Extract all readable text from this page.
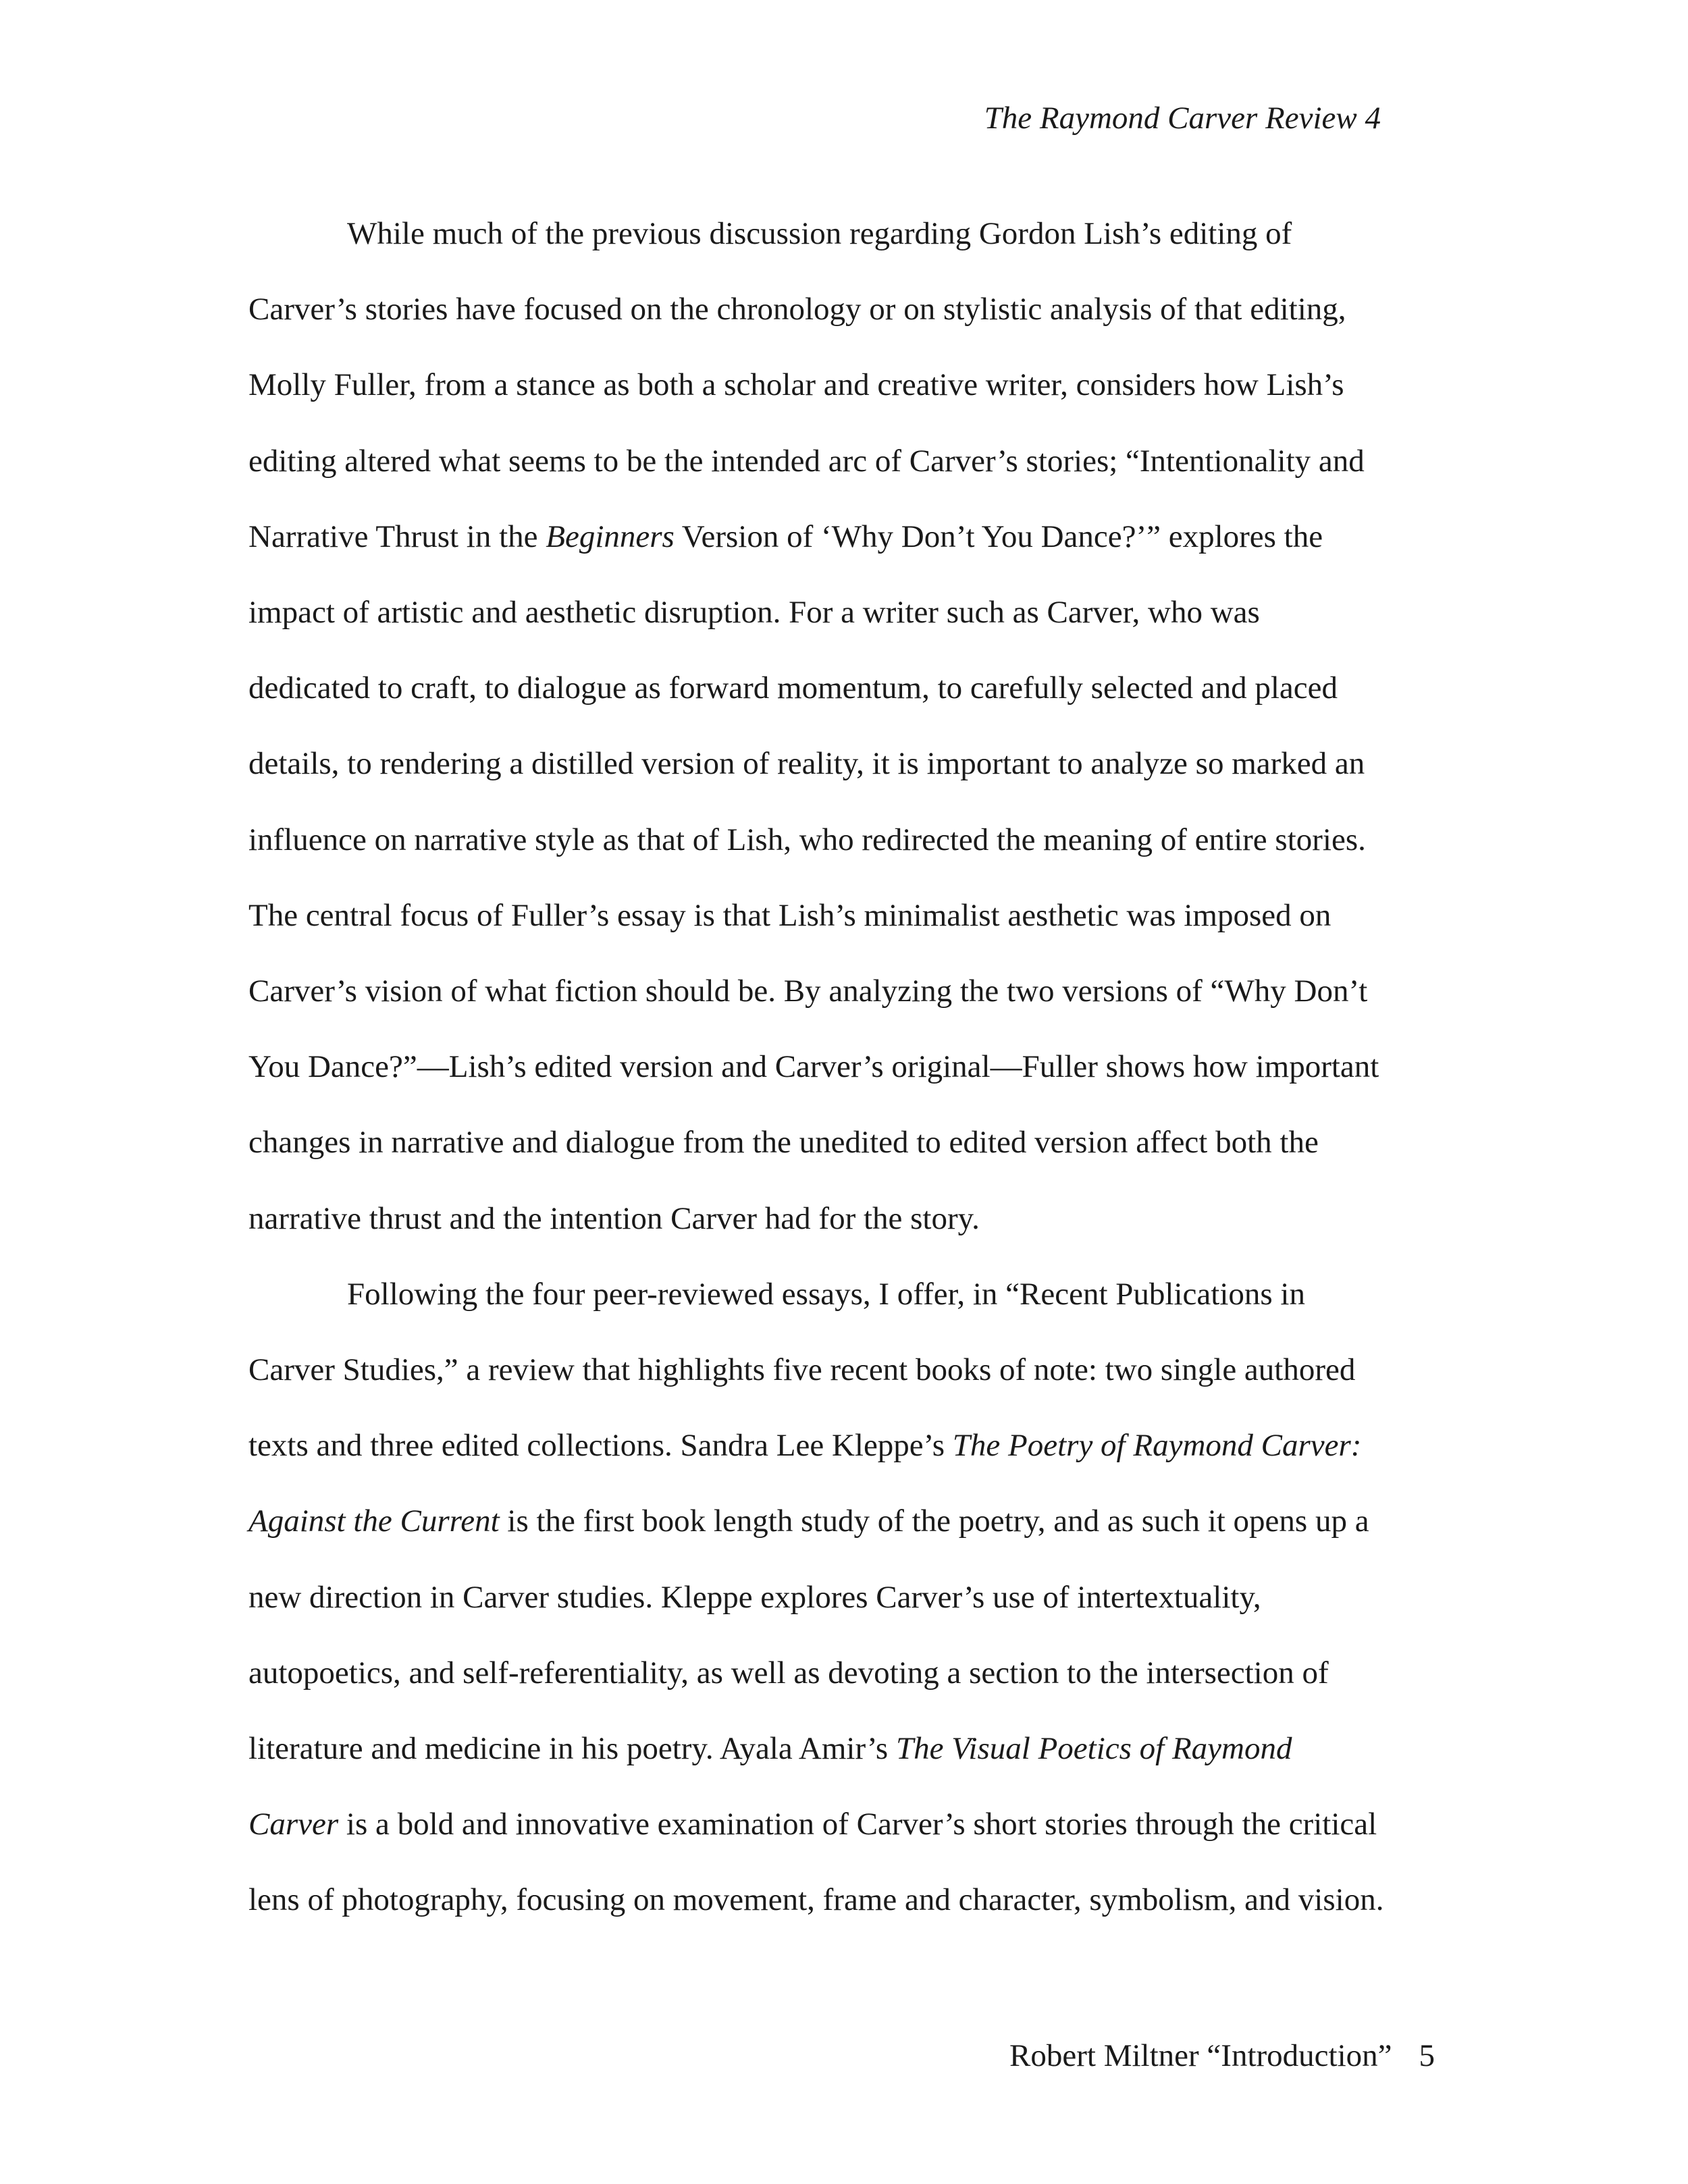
The Raymond Carver Review 4

While much of the previous discussion regarding Gordon Lish’s editing of
Carver’s stories have focused on the chronology or on stylistic analysis of that editing,
Molly Fuller, from a stance as both a scholar and creative writer, considers how Lish’s
editing altered what seems to be the intended arc of Carver’s stories; “Intentionality and
Narrative Thrust in the Beginners Version of ‘Why Don’t You Dance?’” explores the
impact of artistic and aesthetic disruption. For a writer such as Carver, who was
dedicated to craft, to dialogue as forward momentum, to carefully selected and placed
details, to rendering a distilled version of reality, it is important to analyze so marked an
influence on narrative style as that of Lish, who redirected the meaning of entire stories.
The central focus of Fuller’s essay is that Lish’s minimalist aesthetic was imposed on
Carver’s vision of what fiction should be. By analyzing the two versions of “Why Don’t
You Dance?”—Lish’s edited version and Carver’s original—Fuller shows how important
changes in narrative and dialogue from the unedited to edited version affect both the
narrative thrust and the intention Carver had for the story.

Following the four peer-reviewed essays, I offer, in “Recent Publications in
Carver Studies,” a review that highlights five recent books of note: two single authored
texts and three edited collections. Sandra Lee Kleppe’s The Poetry of Raymond Carver:
Against the Current is the first book length study of the poetry, and as such it opens up a
new direction in Carver studies. Kleppe explores Carver’s use of intertextuality,
autopoetics, and self-referentiality, as well as devoting a section to the intersection of
literature and medicine in his poetry. Ayala Amir’s The Visual Poetics of Raymond
Carver is a bold and innovative examination of Carver’s short stories through the critical
lens of photography, focusing on movement, frame and character, symbolism, and vision.

Robert Miltner “Introduction” 5
